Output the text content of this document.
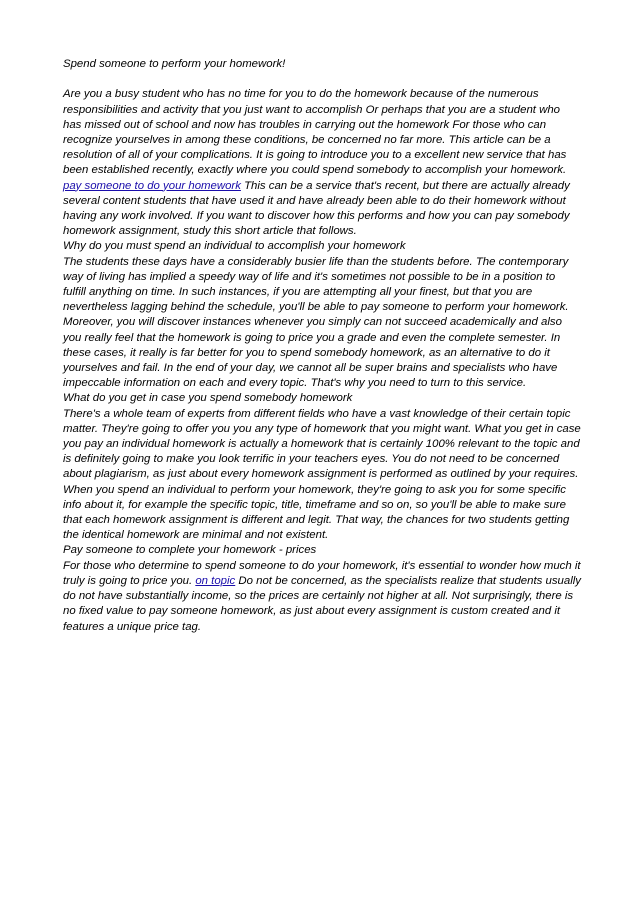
Spend someone to perform your homework!

Are you a busy student who has no time for you to do the homework because of the numerous responsibilities and activity that you just want to accomplish Or perhaps that you are a student who has missed out of school and now has troubles in carrying out the homework For those who can recognize yourselves in among these conditions, be concerned no far more. This article can be a resolution of all of your complications. It is going to introduce you to a excellent new service that has been established recently, exactly where you could spend somebody to accomplish your homework. pay someone to do your homework This can be a service that's recent, but there are actually already several content students that have used it and have already been able to do their homework without having any work involved. If you want to discover how this performs and how you can pay somebody homework assignment, study this short article that follows.

Why do you must spend an individual to accomplish your homework

The students these days have a considerably busier life than the students before. The contemporary way of living has implied a speedy way of life and it's sometimes not possible to be in a position to fulfill anything on time. In such instances, if you are attempting all your finest, but that you are nevertheless lagging behind the schedule, you'll be able to pay someone to perform your homework. Moreover, you will discover instances whenever you simply can not succeed academically and also you really feel that the homework is going to price you a grade and even the complete semester. In these cases, it really is far better for you to spend somebody homework, as an alternative to do it yourselves and fail. In the end of your day, we cannot all be super brains and specialists who have impeccable information on each and every topic. That's why you need to turn to this service.

What do you get in case you spend somebody homework

There's a whole team of experts from different fields who have a vast knowledge of their certain topic matter. They're going to offer you you any type of homework that you might want. What you get in case you pay an individual homework is actually a homework that is certainly 100% relevant to the topic and is definitely going to make you look terrific in your teachers eyes. You do not need to be concerned about plagiarism, as just about every homework assignment is performed as outlined by your requires. When you spend an individual to perform your homework, they're going to ask you for some specific info about it, for example the specific topic, title, timeframe and so on, so you'll be able to make sure that each homework assignment is different and legit. That way, the chances for two students getting the identical homework are minimal and not existent.

Pay someone to complete your homework - prices

For those who determine to spend someone to do your homework, it's essential to wonder how much it truly is going to price you. on topic Do not be concerned, as the specialists realize that students usually do not have substantially income, so the prices are certainly not higher at all. Not surprisingly, there is no fixed value to pay someone homework, as just about every assignment is custom created and it features a unique price tag.
